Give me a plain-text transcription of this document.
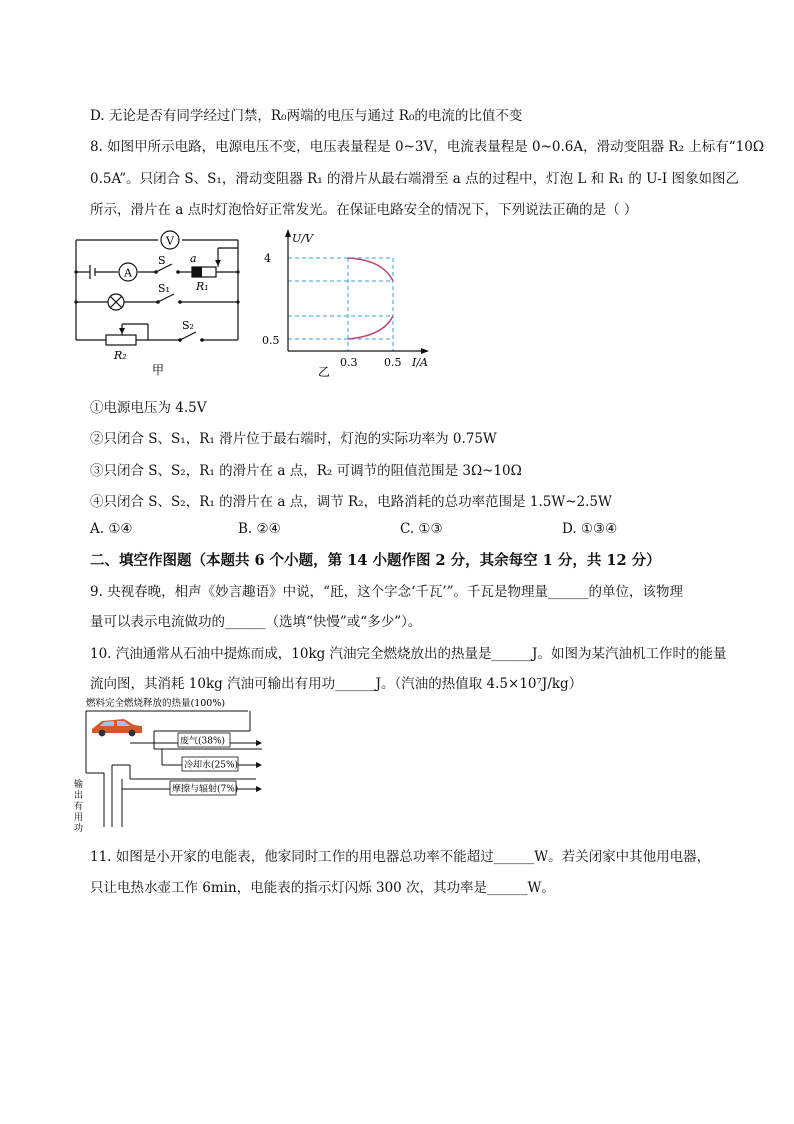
D. 无论是否有同学经过门禁，R₀两端的电压与通过 R₀的电流的比值不变
8. 如图甲所示电路，电源电压不变，电压表量程是 0~3V，电流表量程是 0~0.6A，滑动变阻器 R₂ 上标有“10Ω
0.5A”。只闭合 S、S₁，滑动变阻器 R₁ 的滑片从最右端滑至 a 点的过程中，灯泡 L 和 R₁ 的 U-I 图象如图乙
所示，滑片在 a 点时灯泡恰好正常发光。在保证电路安全的情况下，下列说法正确的是（ ）
V
A
S a
R₁
S₁
S₂
R₂
甲
U/V
4
0.5
0.3 0.5 I/A
乙
①电源电压为 4.5V
②只闭合 S、S₁，R₁ 滑片位于最右端时，灯泡的实际功率为 0.75W
③只闭合 S、S₂，R₁ 的滑片在 a 点，R₂ 可调节的阻值范围是 3Ω~10Ω
④只闭合 S、S₂，R₁ 的滑片在 a 点，调节 R₂，电路消耗的总功率范围是 1.5W~2.5W
A. ①④	B. ②④	C. ①③	D. ①③④
二、填空作图题（本题共 6 个小题，第 14 小题作图 2 分，其余每空 1 分，共 12 分）
9. 央视春晚，相声《妙言趣语》中说，“瓩，这个字念‘千瓦’”。千瓦是物理量______的单位，该物理
量可以表示电流做功的______（选填“快慢”或“多少”）。
10. 汽油通常从石油中提炼而成，10kg 汽油完全燃烧放出的热量是______J。如图为某汽油机工作时的能量
流向图，其消耗 10kg 汽油可输出有用功______J。（汽油的热值取 4.5×10⁷J/kg）
燃料完全燃烧释放的热量(100%)
废气(38%)
冷却水(25%)
摩擦与辐射(7%)
输
出
有
用
功
11. 如图是小开家的电能表，他家同时工作的用电器总功率不能超过______W。若关闭家中其他用电器，
只让电热水壶工作 6min，电能表的指示灯闪烁 300 次，其功率是______W。
